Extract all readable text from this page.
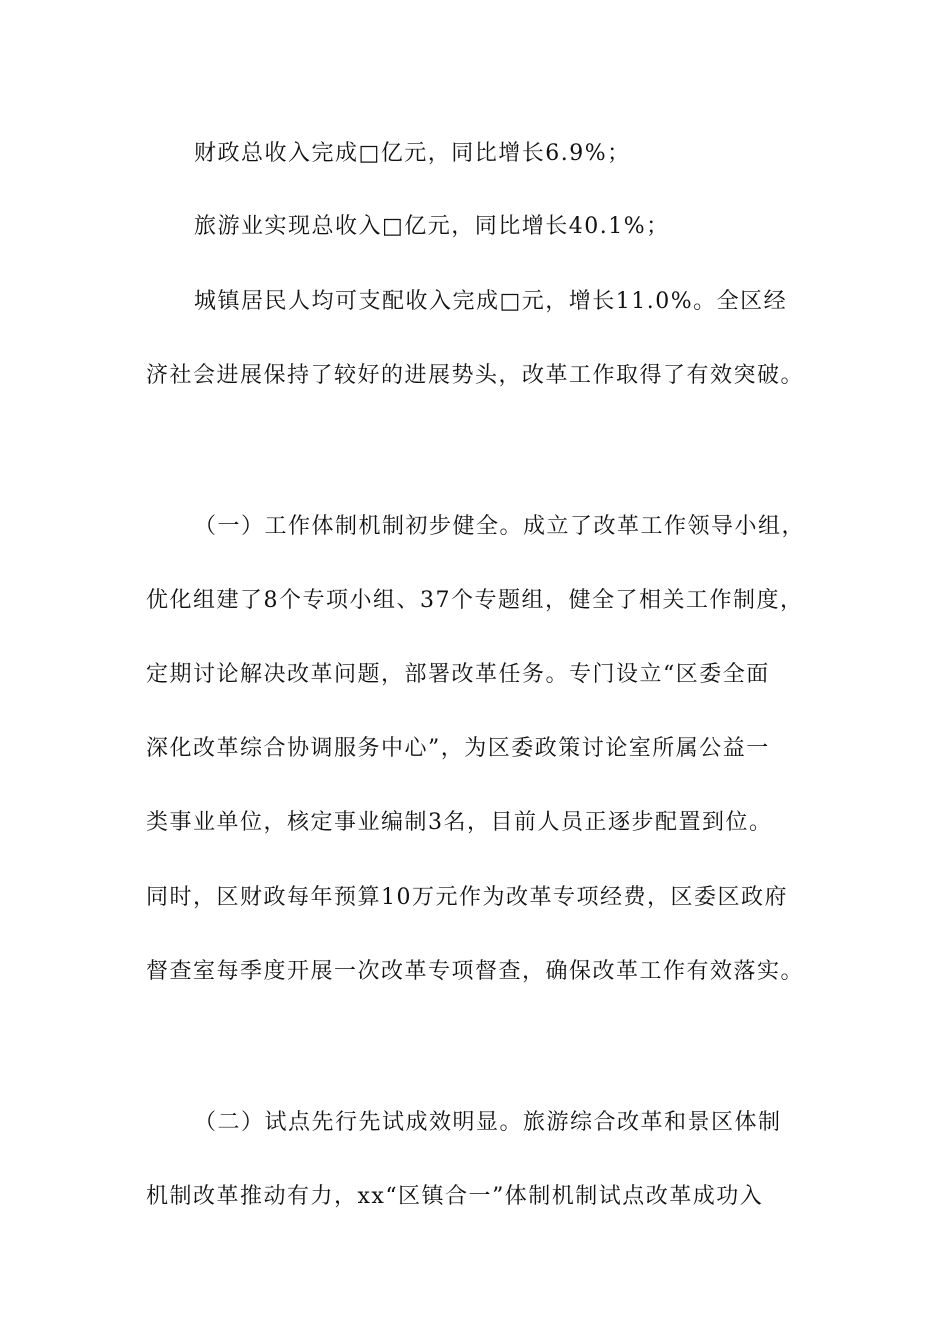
财政总收入完成□亿元，同比增长6.9%；
旅游业实现总收入□亿元，同比增长40.1%；
城镇居民人均可支配收入完成□元，增长11.0%。全区经
济社会进展保持了较好的进展势头，改革工作取得了有效突破。
（一）工作体制机制初步健全。成立了改革工作领导小组，
优化组建了8个专项小组、37个专题组，健全了相关工作制度，
定期讨论解决改革问题，部署改革任务。专门设立“区委全面
深化改革综合协调服务中心”，为区委政策讨论室所属公益一
类事业单位，核定事业编制3名，目前人员正逐步配置到位。
同时，区财政每年预算10万元作为改革专项经费，区委区政府
督查室每季度开展一次改革专项督查，确保改革工作有效落实。
（二）试点先行先试成效明显。旅游综合改革和景区体制
机制改革推动有力，xx“区镇合一”体制机制试点改革成功入
